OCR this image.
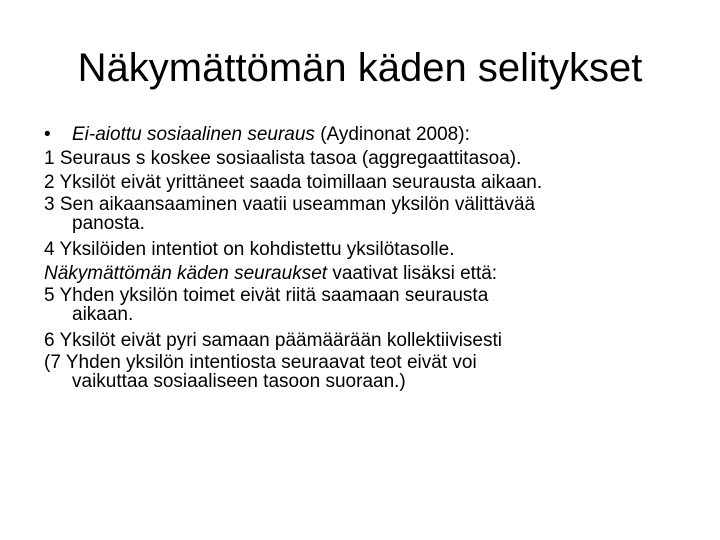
Näkymättömän käden selitykset
• Ei-aiottu sosiaalinen seuraus (Aydinonat 2008):
1 Seuraus s koskee sosiaalista tasoa (aggregaattitasoa).
2 Yksilöt eivät yrittäneet saada toimillaan seurausta aikaan.
3 Sen aikaansaaminen vaatii useamman yksilön välittävää
panosta.
4 Yksilöiden intentiot on kohdistettu yksilötasolle.
Näkymättömän käden seuraukset vaativat lisäksi että:
5 Yhden yksilön toimet eivät riitä saamaan seurausta
aikaan.
6 Yksilöt eivät pyri samaan päämäärään kollektiivisesti
(7 Yhden yksilön intentiosta seuraavat teot eivät voi
vaikuttaa sosiaaliseen tasoon suoraan.)
